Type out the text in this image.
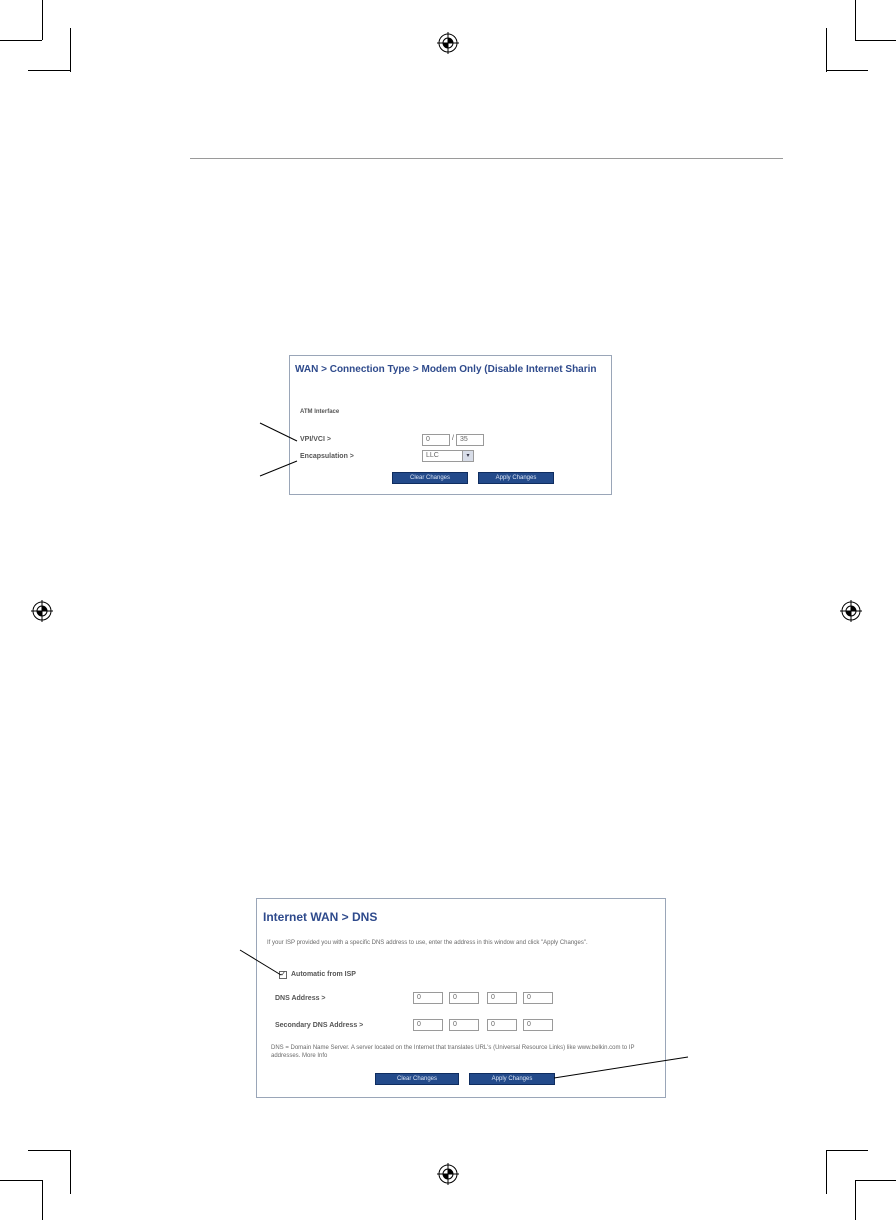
WAN > Connection Type > Modem Only (Disable Internet Sharin
ATM Interface
VPI/VCI >	0	/ 35
Encapsulation >	LLC	▾
Clear Changes	Apply Changes
Internet WAN > DNS
If your ISP provided you with a specific DNS address to use, enter the address in this window and click "Apply Changes".
✓ Automatic from ISP
DNS Address >	0	0	0	0
Secondary DNS Address >	0	0	0	0
DNS = Domain Name Server. A server located on the Internet that translates URL's (Universal Resource Links) like www.belkin.com to IP addresses. More Info
Clear Changes	Apply Changes
